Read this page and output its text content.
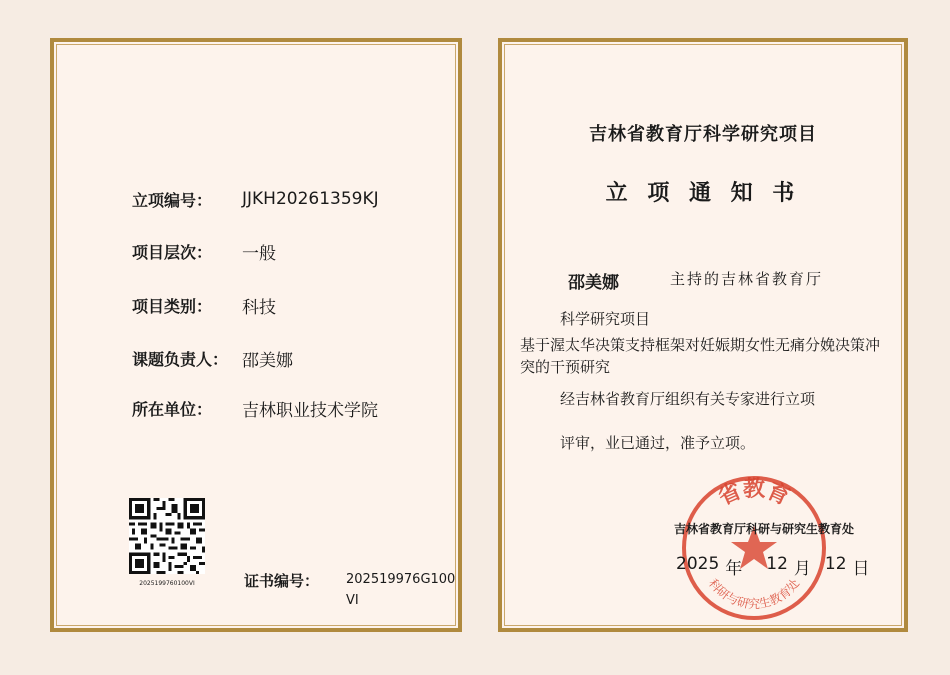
立项编号：	JJKH20261359KJ
项目层次：	一般
项目类别：	科技
课题负责人： 邵美娜
所在单位：	吉林职业技术学院
2025199760100VI	证书编号：	202519976G100VI
吉林省教育厅科学研究项目
立 项 通 知 书
邵美娜	主持的吉林省教育厅
科学研究项目
基于渥太华决策支持框架对妊娠期女性无痛分娩决策冲突的干预研究
经吉林省教育厅组织有关专家进行立项
评审，业已通过，准予立项。
省教育
科研与研究生教育处
吉林省教育厅科研与研究生教育处
2025 年 12 月 12 日
